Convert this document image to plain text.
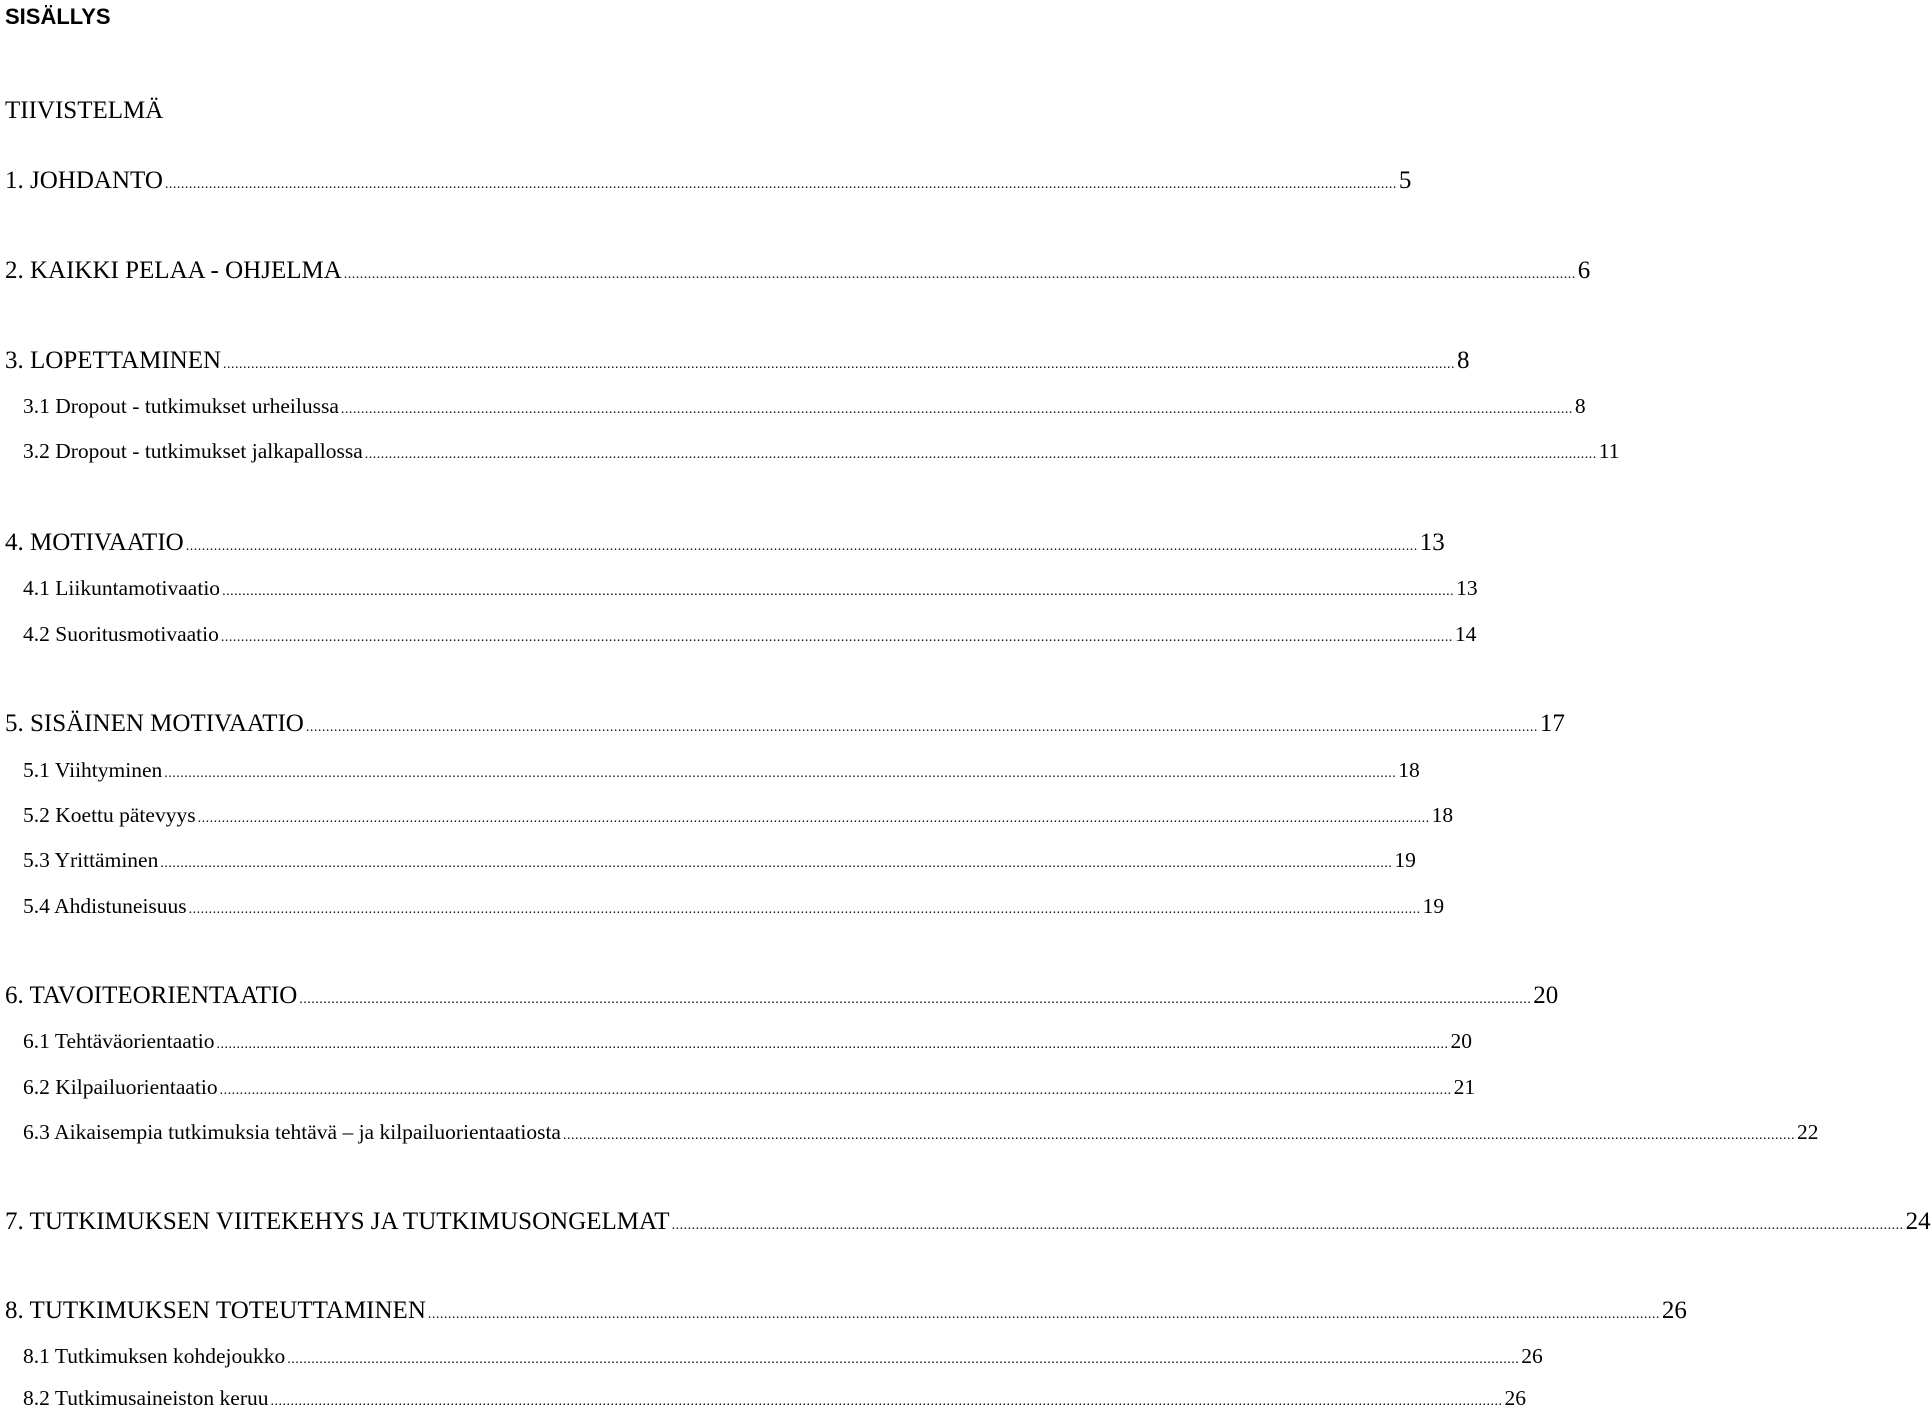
SISÄLLYS
TIIVISTELMÄ
1. JOHDANTO .....	5
2. KAIKKI PELAA - OHJELMA .....	6
3. LOPETTAMINEN .....	8
3.1 Dropout - tutkimukset urheilussa .....	8
3.2 Dropout - tutkimukset jalkapallossa .....	11
4. MOTIVAATIO .....	13
4.1 Liikuntamotivaatio .....	13
4.2 Suoritusmotivaatio .....	14
5. SISÄINEN MOTIVAATIO .....	17
5.1 Viihtyminen .....	18
5.2 Koettu pätevyys .....	18
5.3 Yrittäminen .....	19
5.4 Ahdistuneisuus .....	19
6. TAVOITEORIENTAATIO .....	20
6.1 Tehtäväorientaatio .....	20
6.2 Kilpailuorientaatio .....	21
6.3 Aikaisempia tutkimuksia tehtävä – ja kilpailuorientaatiosta .....	22
7. TUTKIMUKSEN VIITEKEHYS JA TUTKIMUSONGELMAT .....	24
8. TUTKIMUKSEN TOTEUTTAMINEN .....	26
8.1 Tutkimuksen kohdejoukko .....	26
8.2 Tutkimusaineiston keruu .....	26
